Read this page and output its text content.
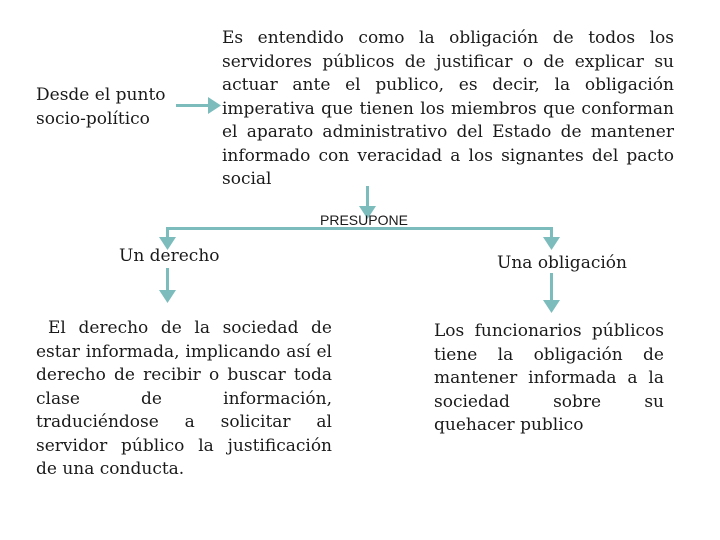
Desde el punto socio-político
Es entendido como la obligación de todos los servidores públicos de justificar o de explicar su actuar ante el publico, es decir, la obligación imperativa que tienen los miembros que conforman el aparato administrativo del Estado de mantener informado con veracidad a los signantes del pacto social
PRESUPONE
Un derecho	Una obligación
El derecho de la sociedad de estar informada, implicando así el derecho de recibir o buscar toda clase de información, traduciéndose a solicitar al servidor público la justificación de una conducta.
Los funcionarios públicos tiene la obligación de mantener informada a la sociedad sobre su quehacer publico
